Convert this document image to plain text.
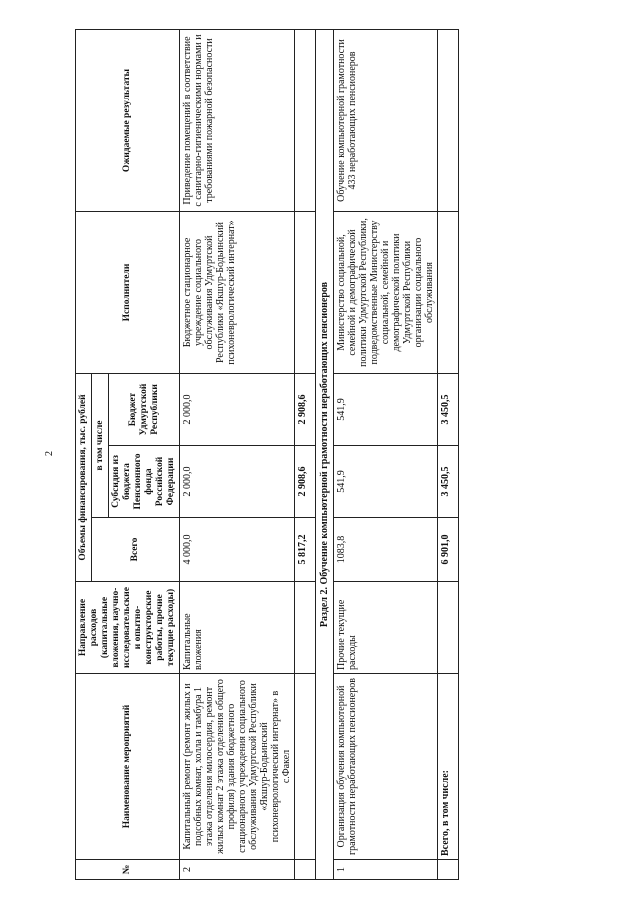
2
№	Наименование мероприятий	Направление расходов (капитальные вложения, научно-исследовательские и опытно-конструкторские работы, прочие текущие расходы)	Объемы финансирования, тыс. рублей			Исполнители	Ожидаемые результаты
			Всего	в том числе			
				Субсидия из бюджета Пенсионного фонда Российской Федерации	Бюджет Удмуртской Республики		
2	Капитальный ремонт (ремонт жилых и подсобных комнат, холла и тамбура 1 этажа отделения милосердия, ремонт жилых комнат 2 этажа отделения общего профиля) здания бюджетного стационарного учреждения социального обслуживания Удмуртской Республики «Якшур-Бодьинский психоневрологический интернат» в с.Факел	Капитальные вложения	4 000,0	2 000,0	2 000,0	Бюджетное стационарное учреждение социального обслуживания Удмуртской Республики «Якшур-Бодьинский психоневрологический интернат»	Приведение помещений в соответствие с санитарно-гигиеническими нормами и требованиями пожарной безопасности
			5 817,2	2 908,6	2 908,6		
Раздел 2. Обучение компьютерной грамотности неработающих пенсионеров							
1	Организация обучения компьютерной грамотности неработающих пенсионеров	Прочие текущие расходы	1083,8	541,9	541,9	Министерство социальной, семейной и демографической политики Удмуртской Республики, подведомственные Министерству социальной, семейной и демографической политики Удмуртской Республики организации социального обслуживания	Обучение компьютерной грамотности 433 неработающих пенсионеров
	Всего, в том числе:		6 901,0	3 450,5	3 450,5		
